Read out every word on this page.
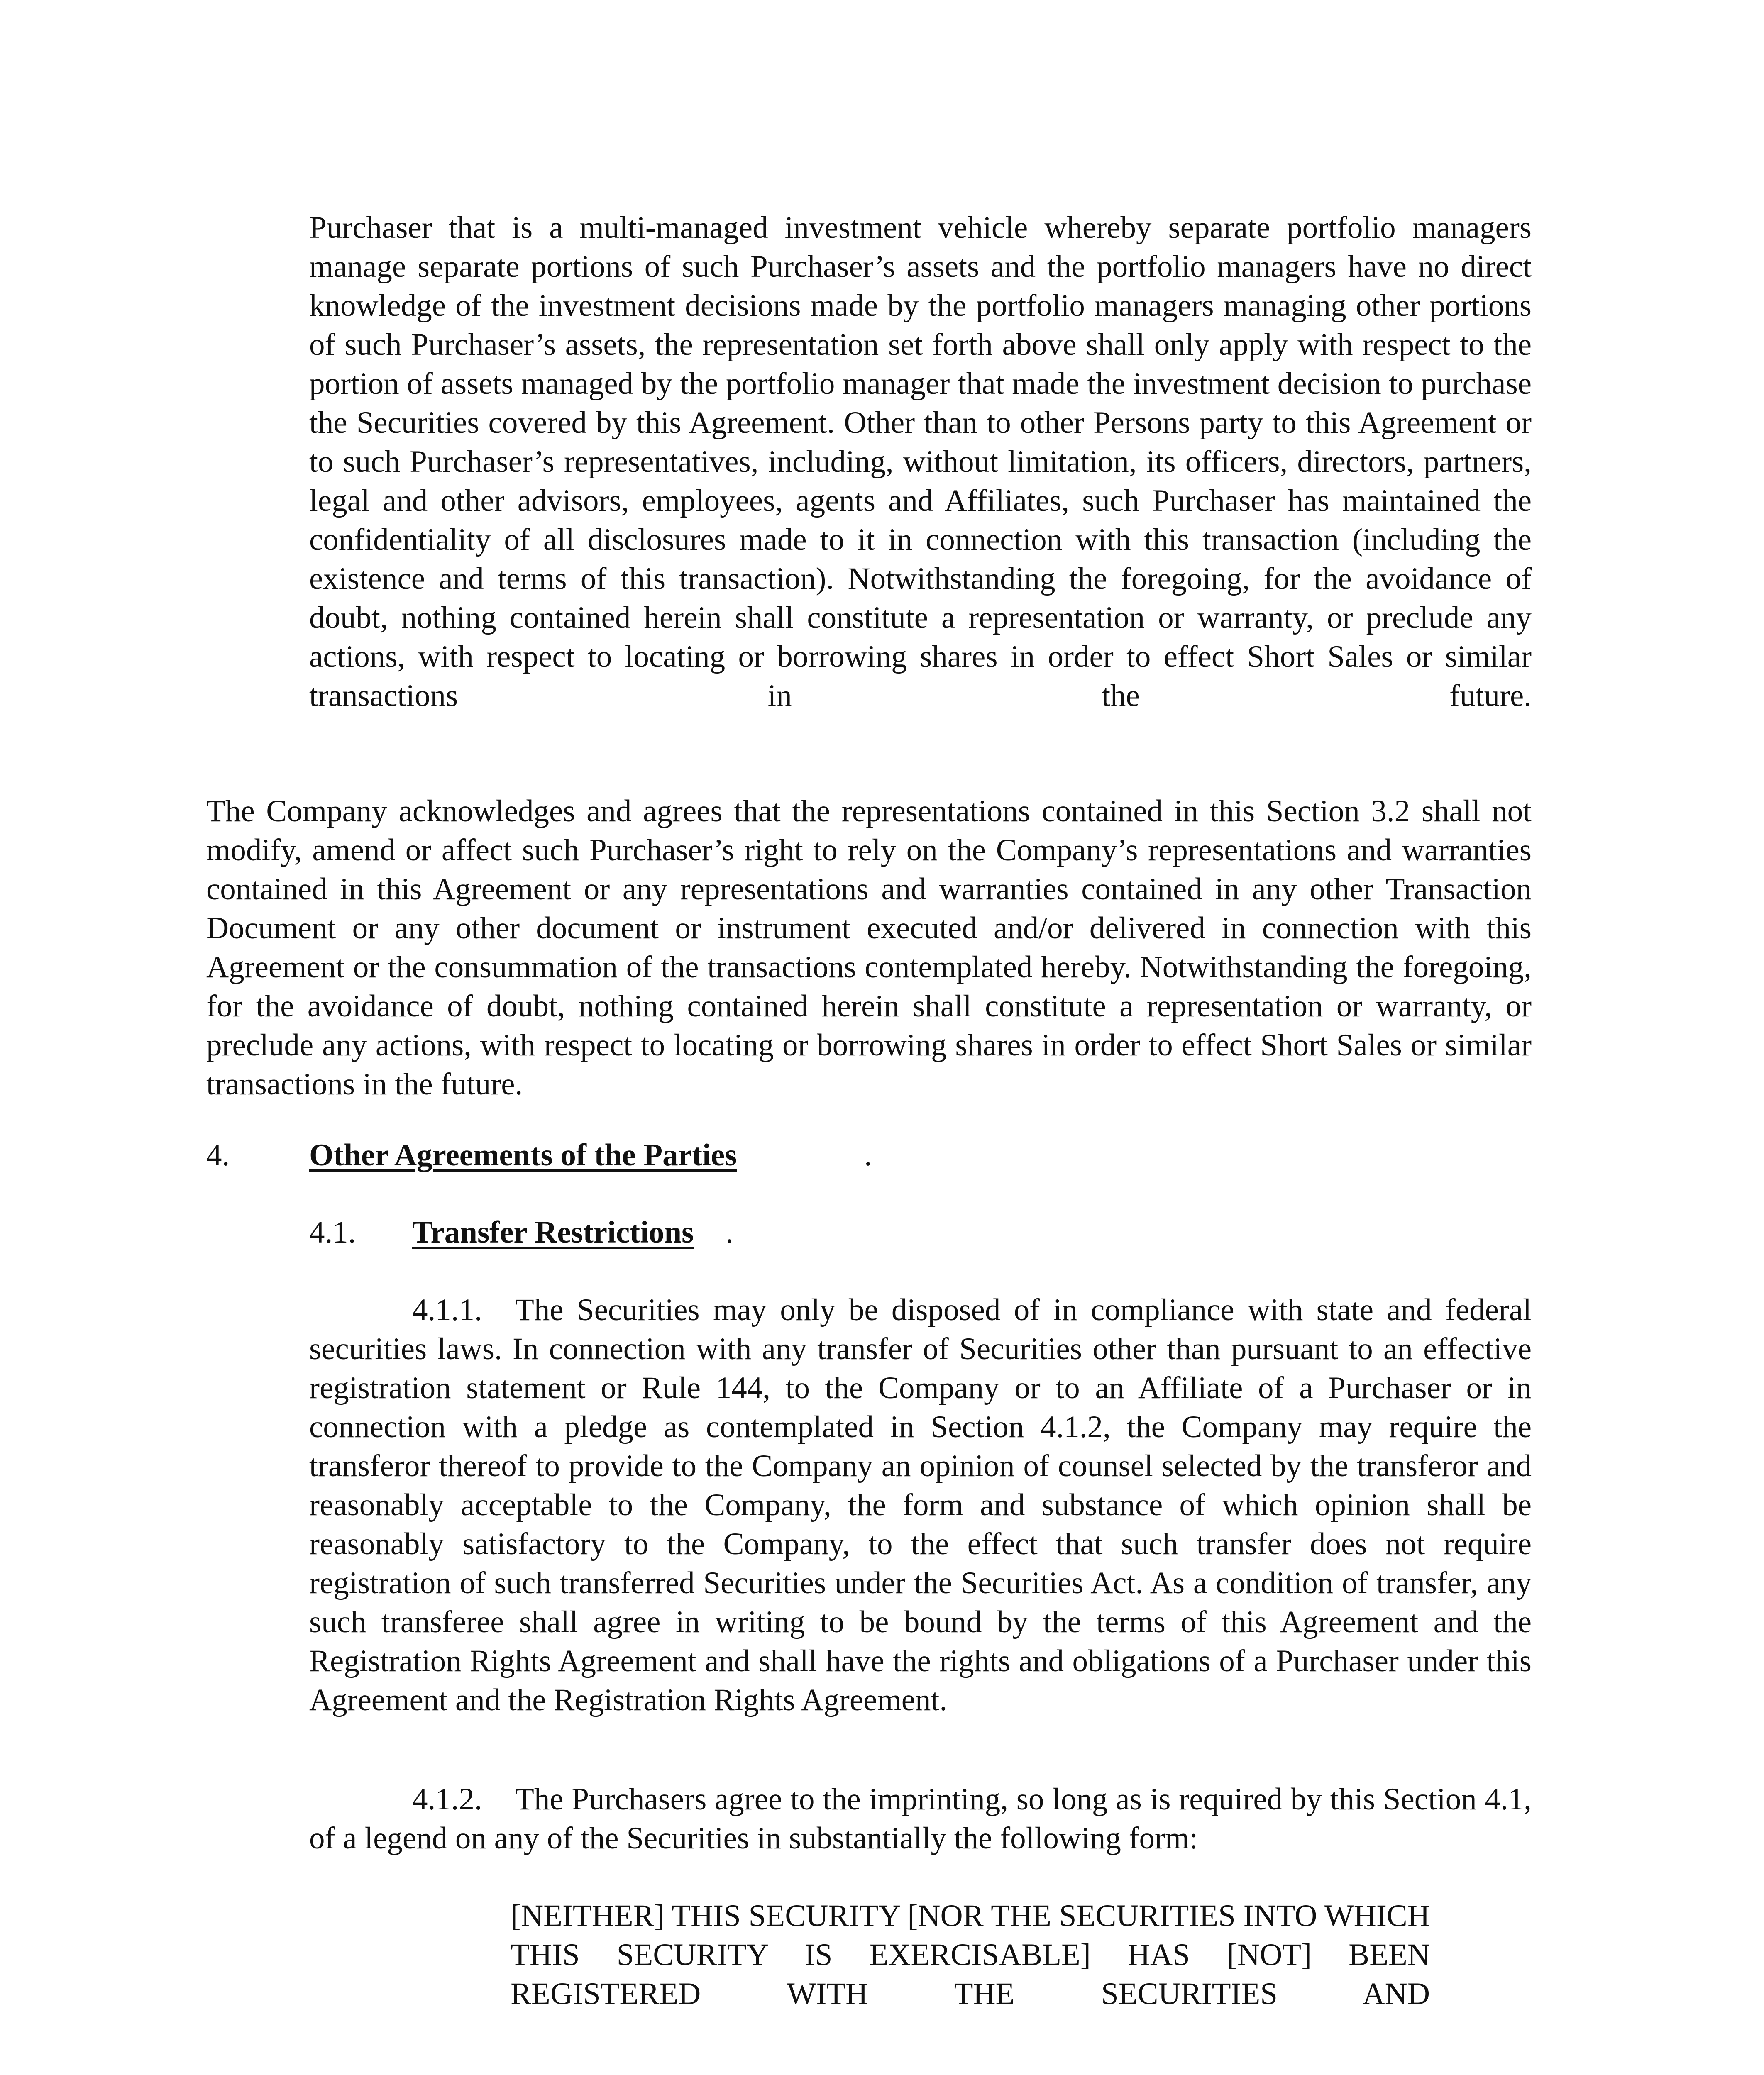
Purchaser that is a multi-managed investment vehicle whereby separate portfolio managers manage separate portions of such Purchaser’s assets and the portfolio managers have no direct knowledge of the investment decisions made by the portfolio managers managing other portions of such Purchaser’s assets, the representation set forth above shall only apply with respect to the portion of assets managed by the portfolio manager that made the investment decision to purchase the Securities covered by this Agreement. Other than to other Persons party to this Agreement or to such Purchaser’s representatives, including, without limitation, its officers, directors, partners, legal and other advisors, employees, agents and Affiliates, such Purchaser has maintained the confidentiality of all disclosures made to it in connection with this transaction (including the existence and terms of this transaction). Notwithstanding the foregoing, for the avoidance of doubt, nothing contained herein shall constitute a representation or warranty, or preclude any actions, with respect to locating or borrowing shares in order to effect Short Sales or similar transactions in the future.

The Company acknowledges and agrees that the representations contained in this Section 3.2 shall not modify, amend or affect such Purchaser’s right to rely on the Company’s representations and warranties contained in this Agreement or any representations and warranties contained in any other Transaction Document or any other document or instrument executed and/or delivered in connection with this Agreement or the consummation of the transactions contemplated hereby. Notwithstanding the foregoing, for the avoidance of doubt, nothing contained herein shall constitute a representation or warranty, or preclude any actions, with respect to locating or borrowing shares in order to effect Short Sales or similar transactions in the future.

4.	Other Agreements of the Parties	.
4.1. Transfer Restrictions .

4.1.1. The Securities may only be disposed of in compliance with state and federal securities laws. In connection with any transfer of Securities other than pursuant to an effective registration statement or Rule 144, to the Company or to an Affiliate of a Purchaser or in connection with a pledge as contemplated in Section 4.1.2, the Company may require the transferor thereof to provide to the Company an opinion of counsel selected by the transferor and reasonably acceptable to the Company, the form and substance of which opinion shall be reasonably satisfactory to the Company, to the effect that such transfer does not require registration of such transferred Securities under the Securities Act. As a condition of transfer, any such transferee shall agree in writing to be bound by the terms of this Agreement and the Registration Rights Agreement and shall have the rights and obligations of a Purchaser under this Agreement and the Registration Rights Agreement.

4.1.2. The Purchasers agree to the imprinting, so long as is required by this Section 4.1, of a legend on any of the Securities in substantially the following form:

[NEITHER] THIS SECURITY [NOR THE SECURITIES INTO WHICH THIS SECURITY IS EXERCISABLE] HAS [NOT] BEEN REGISTERED WITH THE SECURITIES AND
